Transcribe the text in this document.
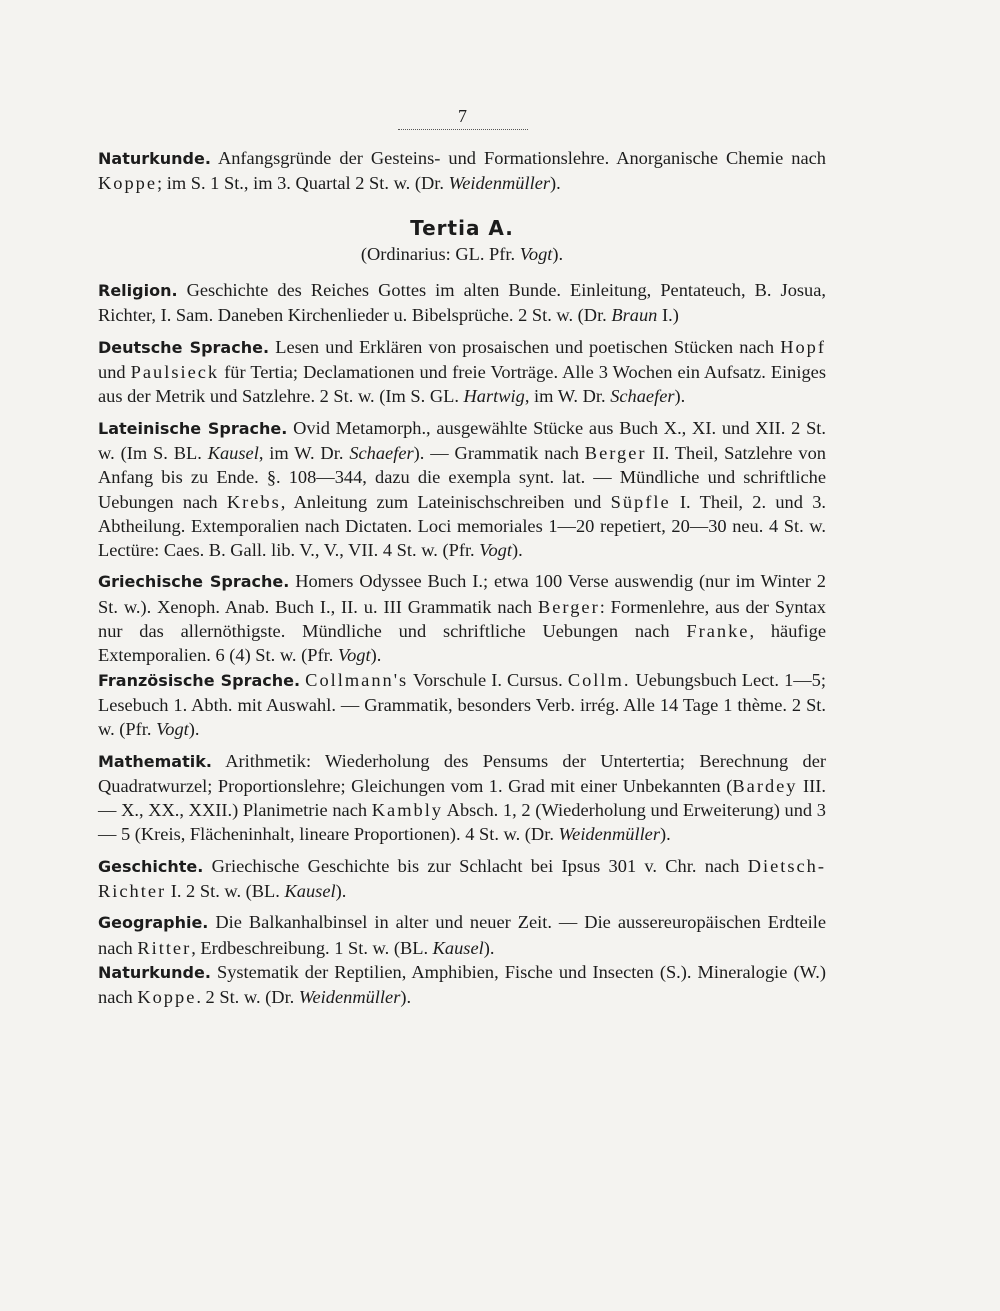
7

Naturkunde. Anfangsgründe der Gesteins- und Formationslehre. Anorganische Chemie nach Koppe; im S. 1 St., im 3. Quartal 2 St. w. (Dr. Weidenmüller).

Tertia A.

(Ordinarius: GL. Pfr. Vogt).

Religion. Geschichte des Reiches Gottes im alten Bunde. Einleitung, Pentateuch, B. Josua, Richter, I. Sam. Daneben Kirchenlieder u. Bibelsprüche. 2 St. w. (Dr. Braun I.)

Deutsche Sprache. Lesen und Erklären von prosaischen und poetischen Stücken nach Hopf und Paulsieck für Tertia; Declamationen und freie Vorträge. Alle 3 Wochen ein Aufsatz. Einiges aus der Metrik und Satzlehre. 2 St. w. (Im S. GL. Hartwig, im W. Dr. Schaefer).

Lateinische Sprache. Ovid Metamorph., ausgewählte Stücke aus Buch X., XI. und XII. 2 St. w. (Im S. BL. Kausel, im W. Dr. Schaefer). — Grammatik nach Berger II. Theil, Satzlehre von Anfang bis zu Ende. §. 108—344, dazu die exempla synt. lat. — Mündliche und schriftliche Uebungen nach Krebs, Anleitung zum Lateinischschreiben und Süpfle I. Theil, 2. und 3. Abtheilung. Extemporalien nach Dictaten. Loci memoriales 1—20 repetiert, 20—30 neu. 4 St. w. Lectüre: Caes. B. Gall. lib. V., V., VII. 4 St. w. (Pfr. Vogt).

Griechische Sprache. Homers Odyssee Buch I.; etwa 100 Verse auswendig (nur im Winter 2 St. w.). Xenoph. Anab. Buch I., II. u. III Grammatik nach Berger: Formenlehre, aus der Syntax nur das allernöthigste. Mündliche und schriftliche Uebungen nach Franke, häufige Extemporalien. 6 (4) St. w. (Pfr. Vogt).

Französische Sprache. Collmann's Vorschule I. Cursus. Collm. Uebungsbuch Lect. 1—5; Lesebuch 1. Abth. mit Auswahl. — Grammatik, besonders Verb. irrég. Alle 14 Tage 1 thème. 2 St. w. (Pfr. Vogt).

Mathematik. Arithmetik: Wiederholung des Pensums der Untertertia; Berechnung der Quadratwurzel; Proportionslehre; Gleichungen vom 1. Grad mit einer Unbekannten (Bardey III. — X., XX., XXII.) Planimetrie nach Kambly Absch. 1, 2 (Wiederholung und Erweiterung) und 3 — 5 (Kreis, Flächeninhalt, lineare Proportionen). 4 St. w. (Dr. Weidenmüller).

Geschichte. Griechische Geschichte bis zur Schlacht bei Ipsus 301 v. Chr. nach Dietsch-Richter I. 2 St. w. (BL. Kausel).

Geographie. Die Balkanhalbinsel in alter und neuer Zeit. — Die aussereuropäischen Erdteile nach Ritter, Erdbeschreibung. 1 St. w. (BL. Kausel).

Naturkunde. Systematik der Reptilien, Amphibien, Fische und Insecten (S.). Mineralogie (W.) nach Koppe. 2 St. w. (Dr. Weidenmüller).
